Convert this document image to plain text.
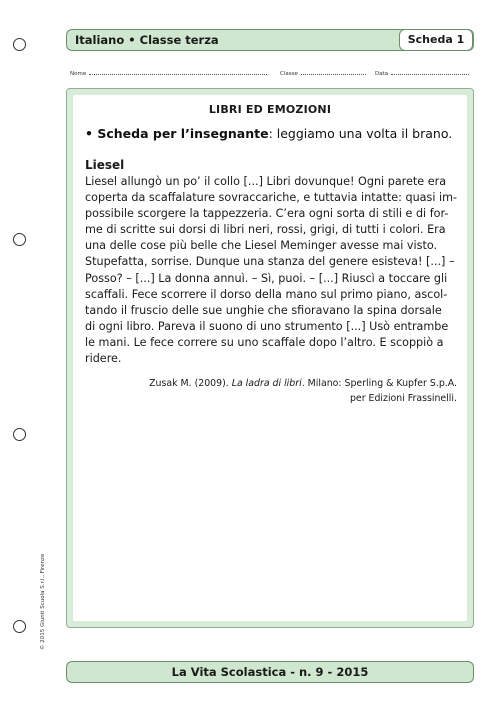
Italiano • Classe terza	Scheda 1
Nome	Classe	Data
LIBRI ED EMOZIONI
• Scheda per l’insegnante: leggiamo una volta il brano.
Liesel
Liesel allungò un po’ il collo [...] Libri dovunque! Ogni parete era
coperta da scaffalature sovraccariche, e tuttavia intatte: quasi im-
possibile scorgere la tappezzeria. C’era ogni sorta di stili e di for-
me di scritte sui dorsi di libri neri, rossi, grigi, di tutti i colori. Era
una delle cose più belle che Liesel Meminger avesse mai visto.
Stupefatta, sorrise. Dunque una stanza del genere esisteva! [...] –
Posso? – [...] La donna annuì. – Sì, puoi. – [...] Riuscì a toccare gli
scaffali. Fece scorrere il dorso della mano sul primo piano, ascol-
tando il fruscio delle sue unghie che sfioravano la spina dorsale
di ogni libro. Pareva il suono di uno strumento [...] Usò entrambe
le mani. Le fece correre su uno scaffale dopo l’altro. E scoppiò a
ridere.
Zusak M. (2009). La ladra di libri. Milano: Sperling & Kupfer S.p.A.
per Edizioni Frassinelli.
© 2015 Giunti Scuola S.r.l., Firenze
La Vita Scolastica - n. 9 - 2015
